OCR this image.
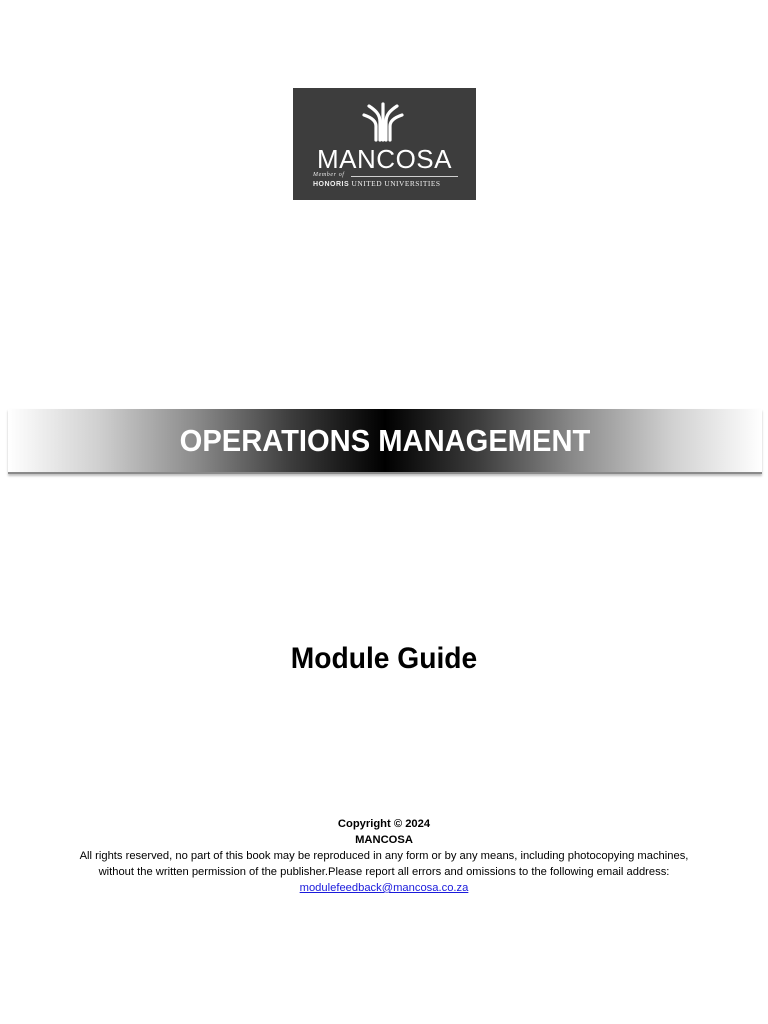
MANCOSA
Member of
HONORIS UNITED UNIVERSITIES
OPERATIONS MANAGEMENT
Module Guide

Copyright © 2024

MANCOSA

All rights reserved, no part of this book may be reproduced in any form or by any means, including photocopying machines,

without the written permission of the publisher.Please report all errors and omissions to the following email address:

modulefeedback@mancosa.co.za
